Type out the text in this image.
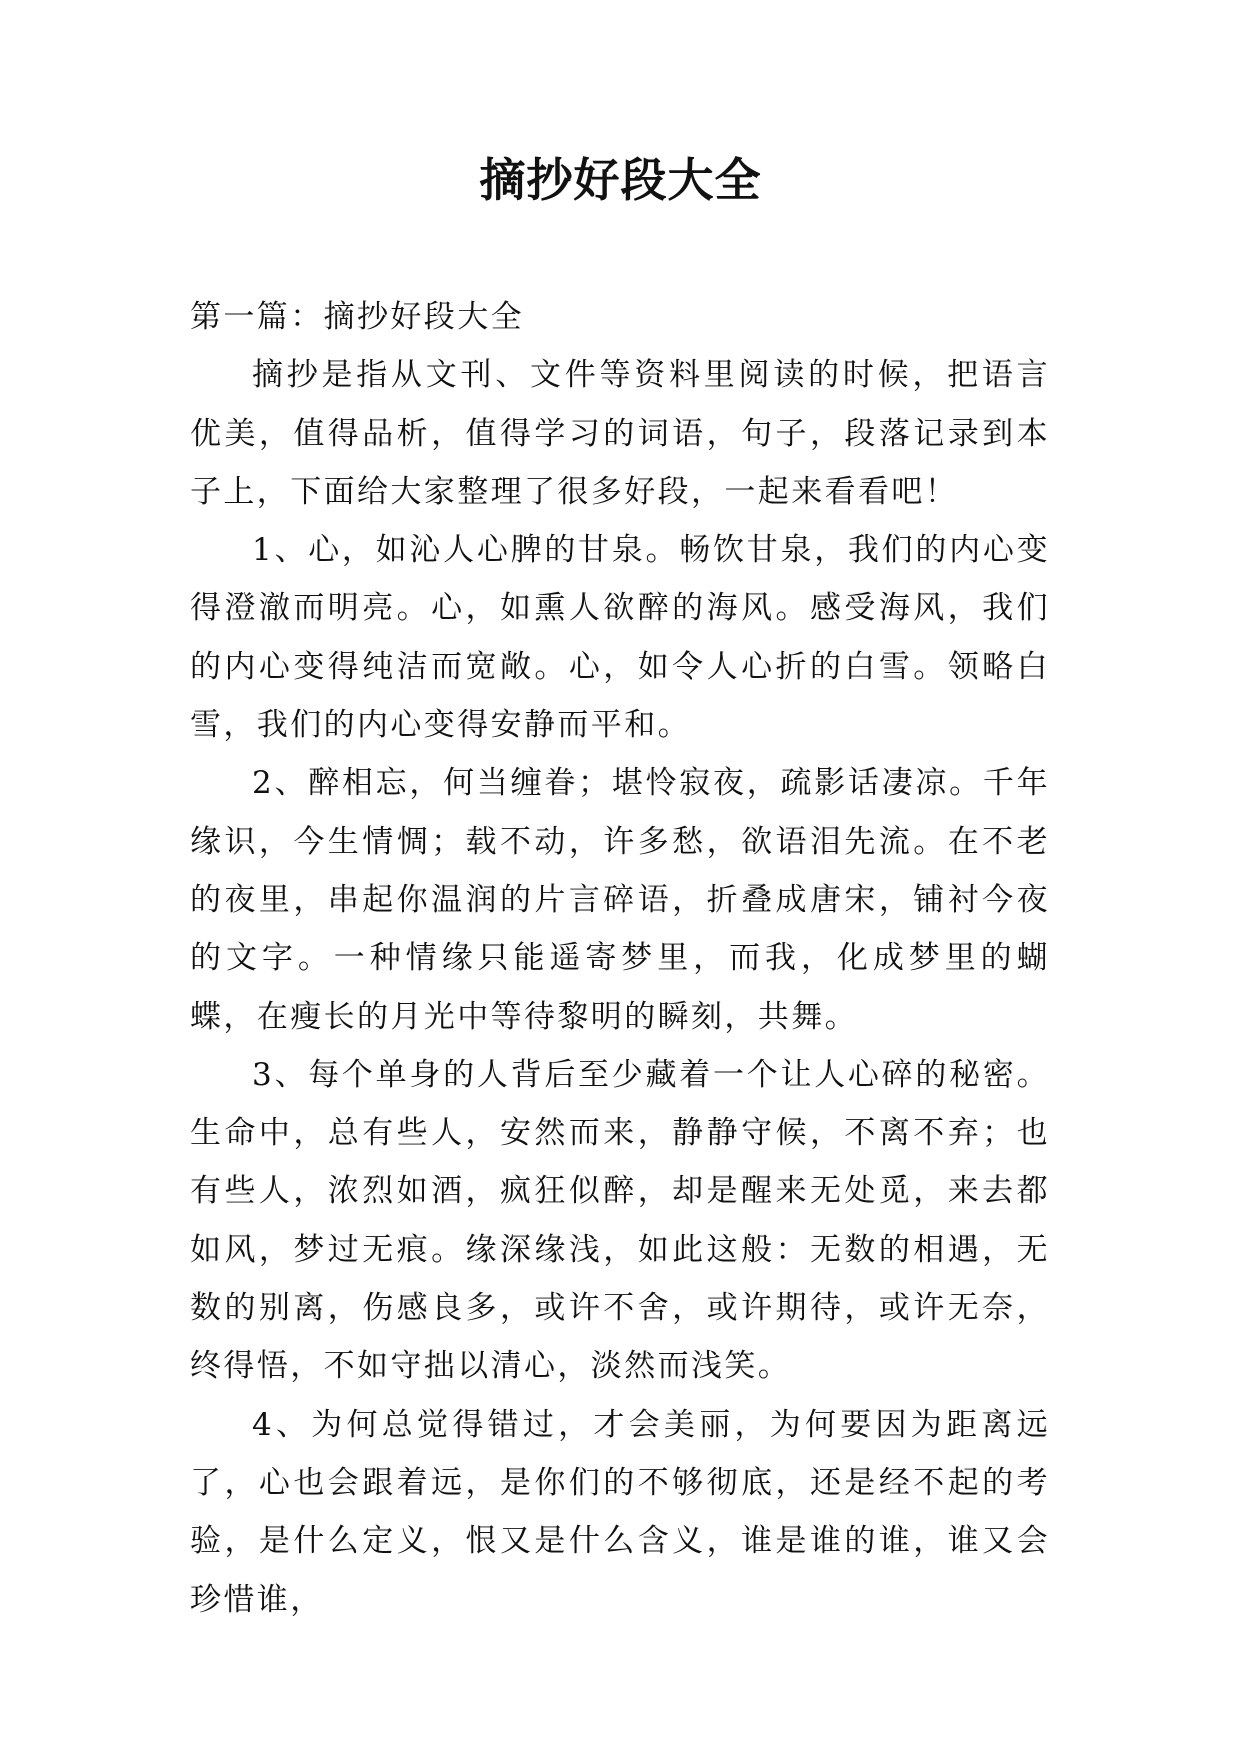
摘抄好段大全

第一篇：摘抄好段大全

摘抄是指从文刊、文件等资料里阅读的时候，把语言优美，值得品析，值得学习的词语，句子，段落记录到本子上，下面给大家整理了很多好段，一起来看看吧！

1、心，如沁人心脾的甘泉。畅饮甘泉，我们的内心变得澄澈而明亮。心，如熏人欲醉的海风。感受海风，我们的内心变得纯洁而宽敞。心，如令人心折的白雪。领略白雪，我们的内心变得安静而平和。

2、醉相忘，何当缠眷；堪怜寂夜，疏影话凄凉。千年缘识，今生情惆；载不动，许多愁，欲语泪先流。在不老的夜里，串起你温润的片言碎语，折叠成唐宋，铺衬今夜的文字。一种情缘只能遥寄梦里，而我，化成梦里的蝴蝶，在瘦长的月光中等待黎明的瞬刻，共舞。

3、每个单身的人背后至少藏着一个让人心碎的秘密。生命中，总有些人，安然而来，静静守候，不离不弃；也有些人，浓烈如酒，疯狂似醉，却是醒来无处觅，来去都如风，梦过无痕。缘深缘浅，如此这般：无数的相遇，无数的别离，伤感良多，或许不舍，或许期待，或许无奈，终得悟，不如守拙以清心，淡然而浅笑。

4、为何总觉得错过，才会美丽，为何要因为距离远了，心也会跟着远，是你们的不够彻底，还是经不起的考验，是什么定义，恨又是什么含义，谁是谁的谁，谁又会珍惜谁，
